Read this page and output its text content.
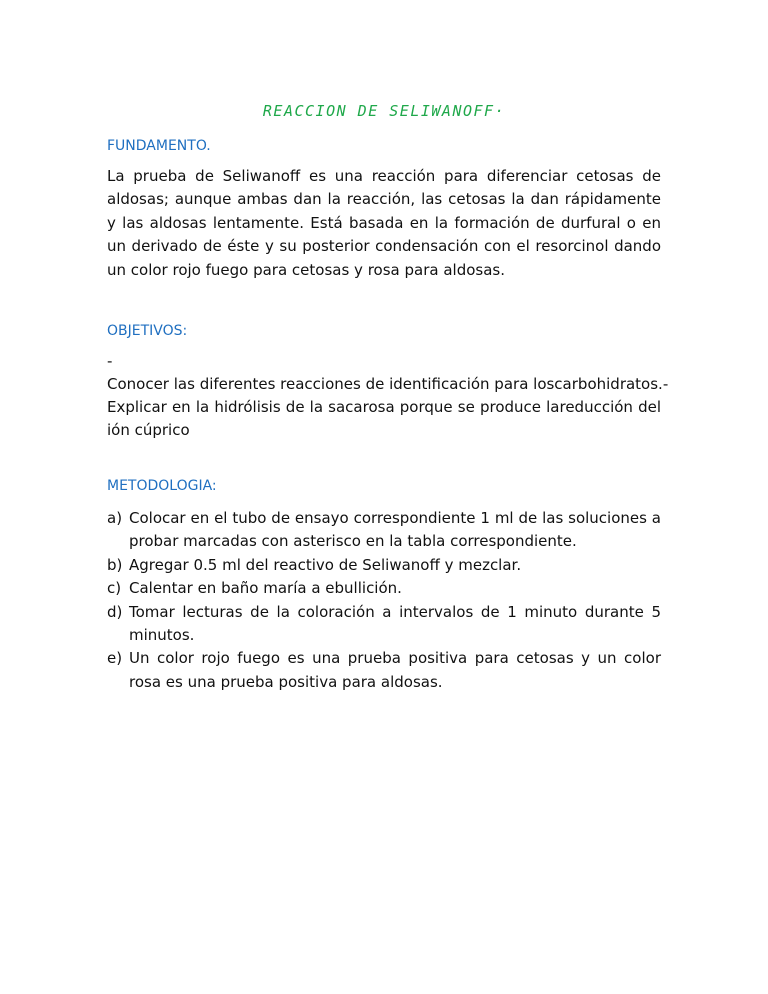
REACCION DE SELIWANOFF·
FUNDAMENTO.
La prueba de Seliwanoff es una reacción para diferenciar cetosas de aldosas; aunque ambas dan la reacción, las cetosas la dan rápidamente y las aldosas lentamente. Está basada en la formación de durfural o en un derivado de éste y su posterior condensación con el resorcinol dando un color rojo fuego para cetosas y rosa para aldosas.
OBJETIVOS:
-
Conocer las diferentes reacciones de identificación para loscarbohidratos.-
Explicar en la hidrólisis de la sacarosa porque se produce lareducción del
ión cúprico
METODOLOGIA:
a) Colocar en el tubo de ensayo correspondiente 1 ml de las soluciones a probar marcadas con asterisco en la tabla correspondiente.
b) Agregar 0.5 ml del reactivo de Seliwanoff y mezclar.
c) Calentar en baño maría a ebullición.
d) Tomar lecturas de la coloración a intervalos de 1 minuto durante 5 minutos.
e) Un color rojo fuego es una prueba positiva para cetosas y un color rosa es una prueba positiva para aldosas.
